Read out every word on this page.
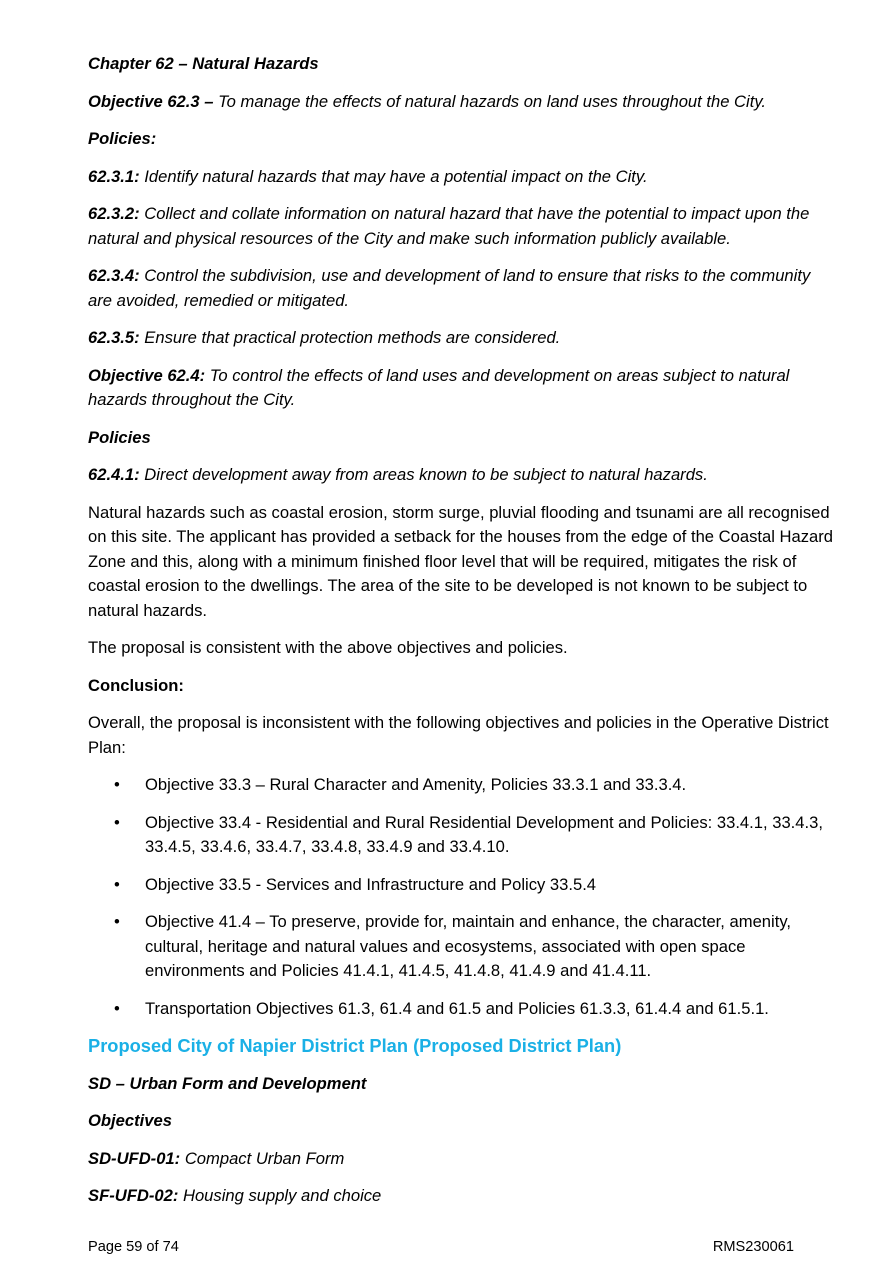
Chapter 62 – Natural Hazards

Objective 62.3 – To manage the effects of natural hazards on land uses throughout the City.

Policies:

62.3.1: Identify natural hazards that may have a potential impact on the City.

62.3.2: Collect and collate information on natural hazard that have the potential to impact upon the natural and physical resources of the City and make such information publicly available.

62.3.4: Control the subdivision, use and development of land to ensure that risks to the community are avoided, remedied or mitigated.

62.3.5: Ensure that practical protection methods are considered.

Objective 62.4: To control the effects of land uses and development on areas subject to natural hazards throughout the City.

Policies

62.4.1: Direct development away from areas known to be subject to natural hazards.

Natural hazards such as coastal erosion, storm surge, pluvial flooding and tsunami are all recognised on this site. The applicant has provided a setback for the houses from the edge of the Coastal Hazard Zone and this, along with a minimum finished floor level that will be required, mitigates the risk of coastal erosion to the dwellings. The area of the site to be developed is not known to be subject to natural hazards.

The proposal is consistent with the above objectives and policies.

Conclusion:

Overall, the proposal is inconsistent with the following objectives and policies in the Operative District Plan:

• Objective 33.3 – Rural Character and Amenity, Policies 33.3.1 and 33.3.4.
• Objective 33.4 - Residential and Rural Residential Development and Policies: 33.4.1, 33.4.3, 33.4.5, 33.4.6, 33.4.7, 33.4.8, 33.4.9 and 33.4.10.
• Objective 33.5 - Services and Infrastructure and Policy 33.5.4
• Objective 41.4 – To preserve, provide for, maintain and enhance, the character, amenity, cultural, heritage and natural values and ecosystems, associated with open space environments and Policies 41.4.1, 41.4.5, 41.4.8, 41.4.9 and 41.4.11.
• Transportation Objectives 61.3, 61.4 and 61.5 and Policies 61.3.3, 61.4.4 and 61.5.1.
Proposed City of Napier District Plan (Proposed District Plan)

SD – Urban Form and Development

Objectives

SD-UFD-01: Compact Urban Form

SF-UFD-02: Housing supply and choice

Page 59 of 74	RMS230061
